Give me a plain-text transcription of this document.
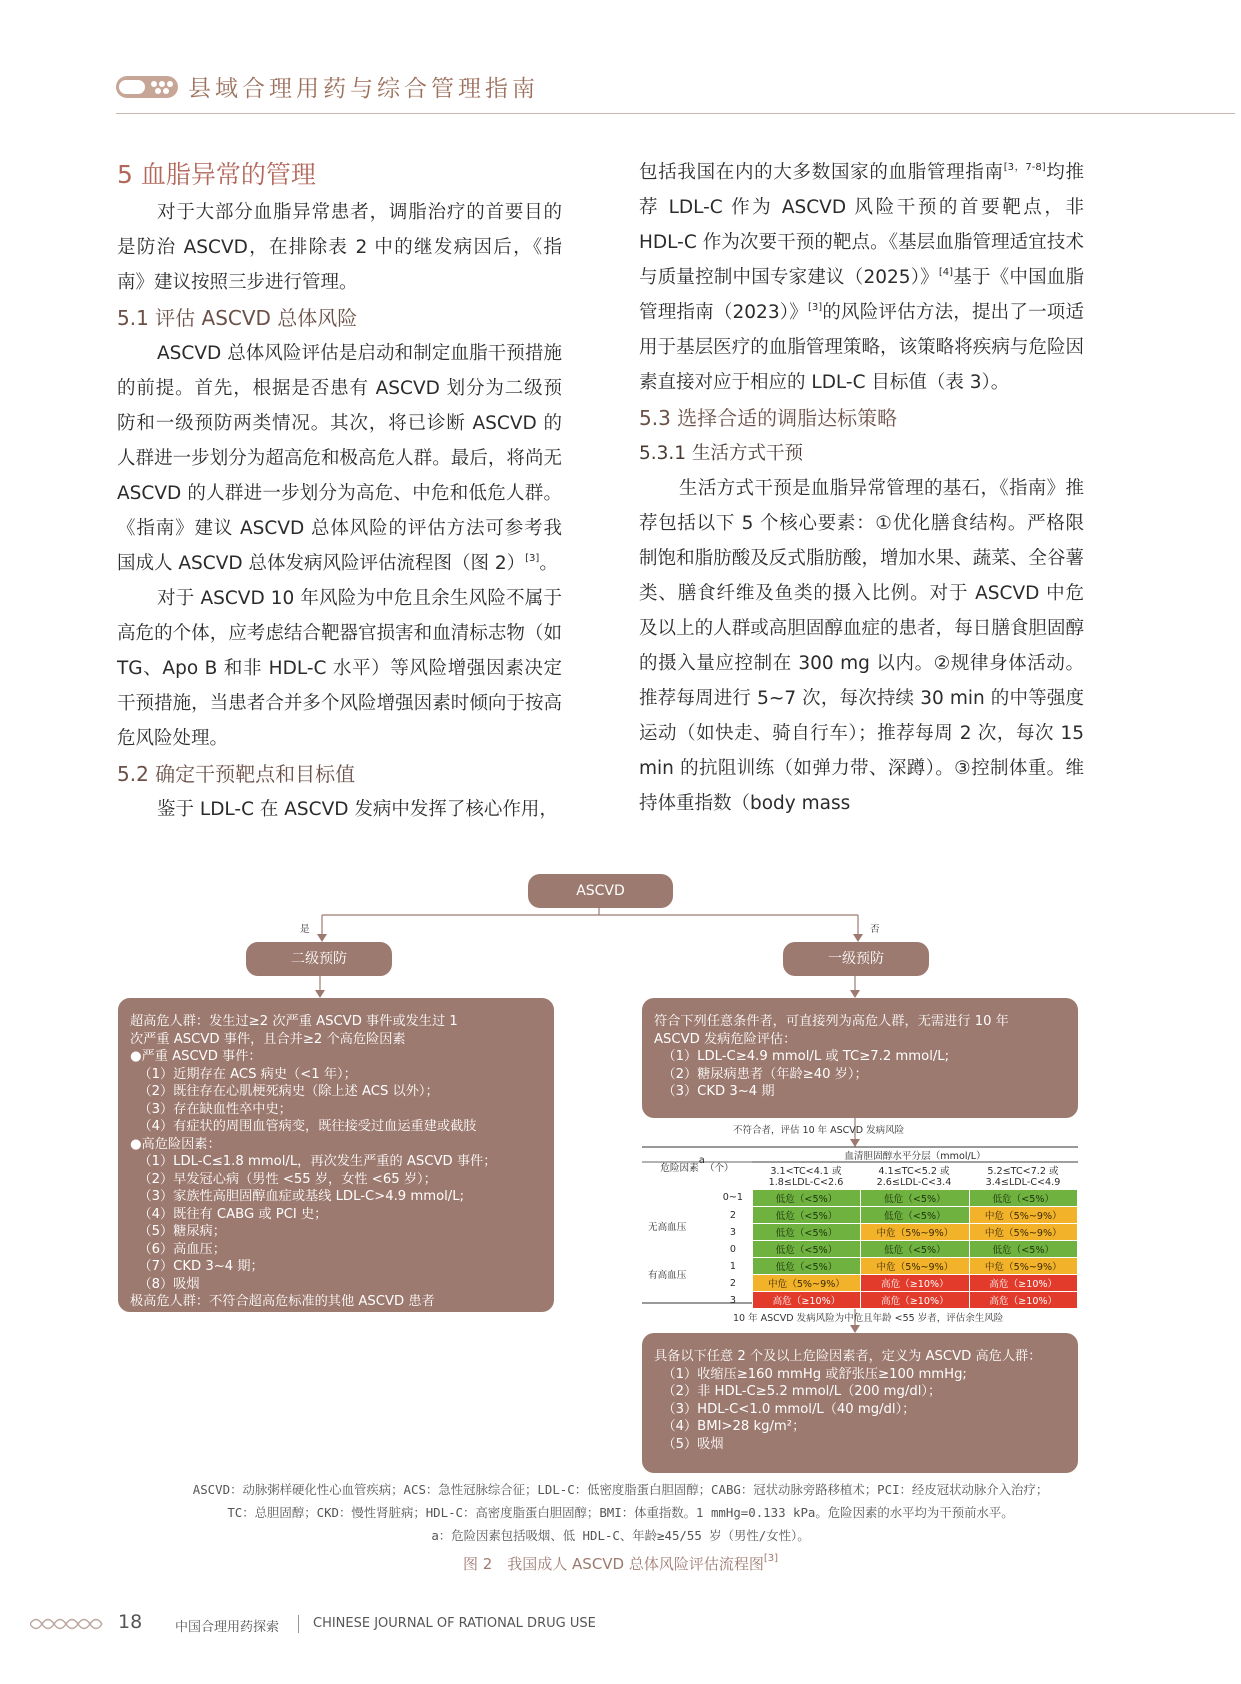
县域合理用药与综合管理指南

5 血脂异常的管理

对于大部分血脂异常患者，调脂治疗的首要目的是防治 ASCVD，在排除表 2 中的继发病因后，《指南》建议按照三步进行管理。

5.1 评估 ASCVD 总体风险

ASCVD 总体风险评估是启动和制定血脂干预措施的前提。首先，根据是否患有 ASCVD 划分为二级预防和一级预防两类情况。其次，将已诊断 ASCVD 的人群进一步划分为超高危和极高危人群。最后，将尚无 ASCVD 的人群进一步划分为高危、中危和低危人群。《指南》建议 ASCVD 总体风险的评估方法可参考我国成人 ASCVD 总体发病风险评估流程图（图 2）[3]。

对于 ASCVD 10 年风险为中危且余生风险不属于高危的个体，应考虑结合靶器官损害和血清标志物（如 TG、Apo B 和非 HDL-C 水平）等风险增强因素决定干预措施，当患者合并多个风险增强因素时倾向于按高危风险处理。

5.2 确定干预靶点和目标值

鉴于 LDL-C 在 ASCVD 发病中发挥了核心作用，

包括我国在内的大多数国家的血脂管理指南[3，7-8]均推荐 LDL-C 作为 ASCVD 风险干预的首要靶点，非 HDL-C 作为次要干预的靶点。《基层血脂管理适宜技术与质量控制中国专家建议（2025）》[4]基于《中国血脂管理指南（2023）》[3]的风险评估方法，提出了一项适用于基层医疗的血脂管理策略，该策略将疾病与危险因素直接对应于相应的 LDL-C 目标值（表 3）。

5.3 选择合适的调脂达标策略

5.3.1 生活方式干预

生活方式干预是血脂异常管理的基石，《指南》推荐包括以下 5 个核心要素：①优化膳食结构。严格限制饱和脂肪酸及反式脂肪酸，增加水果、蔬菜、全谷薯类、膳食纤维及鱼类的摄入比例。对于 ASCVD 中危及以上的人群或高胆固醇血症的患者，每日膳食胆固醇的摄入量应控制在 300 mg 以内。②规律身体活动。推荐每周进行 5~7 次，每次持续 30 min 的中等强度运动（如快走、骑自行车）；推荐每周 2 次，每次 15 min 的抗阻训练（如弹力带、深蹲）。③控制体重。维持体重指数（body mass

ASCVD
是	否
二级预防	一级预防
超高危人群：发生过≥2 次严重 ASCVD 事件或发生过 1
次严重 ASCVD 事件，且合并≥2 个高危险因素
●严重 ASCVD 事件：
（1）近期存在 ACS 病史（<1 年）；
（2）既往存在心肌梗死病史（除上述 ACS 以外）；
（3）存在缺血性卒中史；
（4）有症状的周围血管病变，既往接受过血运重建或截肢
●高危险因素：
（1）LDL-C≤1.8 mmol/L，再次发生严重的 ASCVD 事件；
（2）早发冠心病（男性 <55 岁，女性 <65 岁）；
（3）家族性高胆固醇血症或基线 LDL-C>4.9 mmol/L;
（4）既往有 CABG 或 PCI 史；
（5）糖尿病；
（6）高血压；
（7）CKD 3~4 期；
（8）吸烟
极高危人群：不符合超高危标准的其他 ASCVD 患者
符合下列任意条件者，可直接列为高危人群，无需进行 10 年
ASCVD 发病危险评估：
（1）LDL-C≥4.9 mmol/L 或 TC≥7.2 mmol/L;
（2）糖尿病患者（年龄≥40 岁）；
（3）CKD 3~4 期
不符合者，评估 10 年 ASCVD 发病风险
危险因素$^a$（个）
血清胆固醇水平分层（mmol/L）
3.1<TC<4.1 或
1.8≤LDL-C<2.6
4.1≤TC<5.2 或
2.6≤LDL-C<3.4
5.2≤TC<7.2 或
3.4≤LDL-C<4.9
无高血压
有高血压
0~1	低危（<5%）	低危（<5%）	低危（<5%）
2	低危（<5%）	低危（<5%）	中危（5%~9%）
3	低危（<5%）	中危（5%~9%）	中危（5%~9%）
0	低危（<5%）	低危（<5%）	低危（<5%）
1	低危（<5%）	中危（5%~9%）	中危（5%~9%）
2	中危（5%~9%）	高危（≥10%）	高危（≥10%）
3	高危（≥10%）	高危（≥10%）	高危（≥10%）
10 年 ASCVD 发病风险为中危且年龄 <55 岁者，评估余生风险
具备以下任意 2 个及以上危险因素者，定义为 ASCVD 高危人群：
（1）收缩压≥160 mmHg 或舒张压≥100 mmHg;
（2）非 HDL-C≥5.2 mmol/L（200 mg/dl）；
（3）HDL-C<1.0 mmol/L（40 mg/dl）；
（4）BMI>28 kg/m²；
（5）吸烟
ASCVD：动脉粥样硬化性心血管疾病；ACS：急性冠脉综合征；LDL-C：低密度脂蛋白胆固醇；CABG：冠状动脉旁路移植术；PCI：经皮冠状动脉介入治疗；
TC：总胆固醇；CKD：慢性肾脏病；HDL-C：高密度脂蛋白胆固醇；BMI：体重指数。1 mmHg=0.133 kPa。危险因素的水平均为干预前水平。
a：危险因素包括吸烟、低 HDL-C、年龄≥45/55 岁（男性/女性）。
图 2　我国成人 ASCVD 总体风险评估流程图[3]
18	中国合理用药探索	CHINESE JOURNAL OF RATIONAL DRUG USE
